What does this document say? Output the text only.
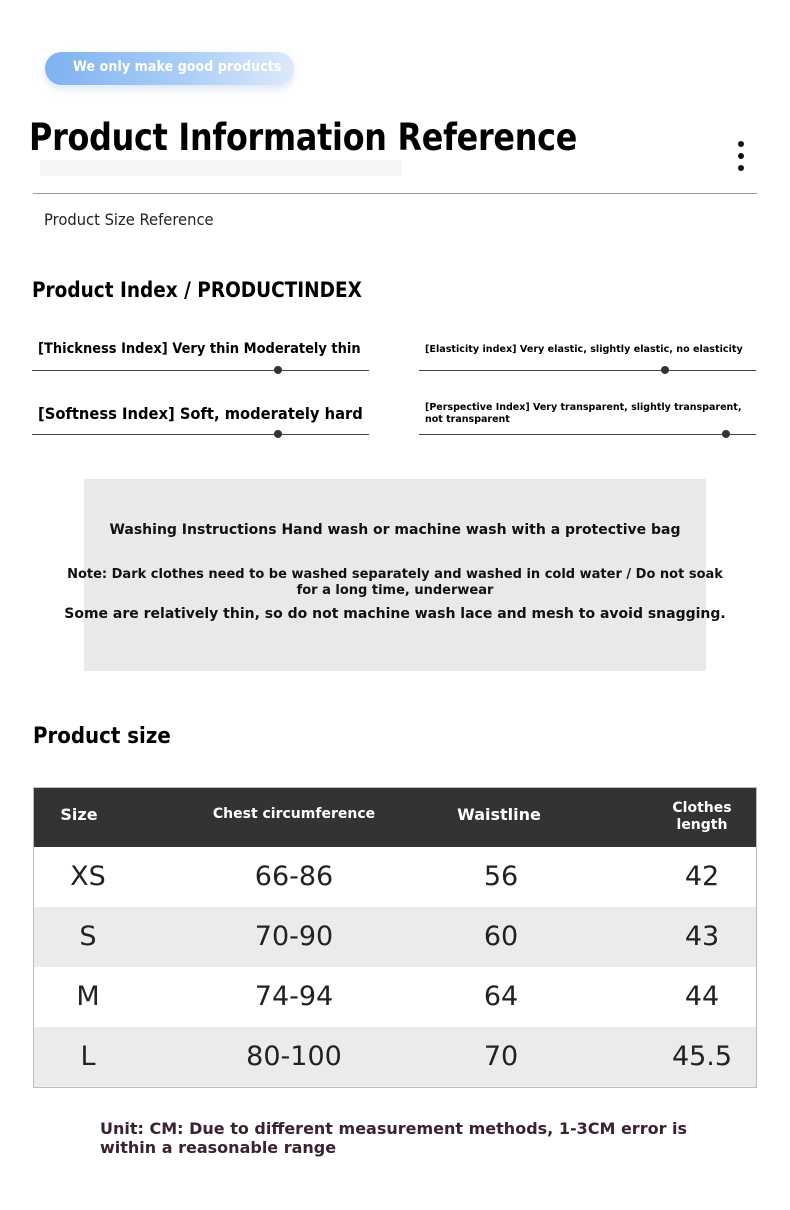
We only make good products
Product Information Reference
Product Size Reference
Product Index / PRODUCTINDEX
[Thickness Index] Very thin Moderately thin	[Elasticity index] Very elastic, slightly elastic, no elasticity
[Softness Index] Soft, moderately hard	[Perspective Index] Very transparent, slightly transparent, not transparent
Washing Instructions Hand wash or machine wash with a protective bag
Note: Dark clothes need to be washed separately and washed in cold water / Do not soak for a long time, underwear
Some are relatively thin, so do not machine wash lace and mesh to avoid snagging.
Product size
Size	Chest circumference	Waistline	Clothes length
XS	66-86	56	42
S	70-90	60	43
M	74-94	64	44
L	80-100	70	45.5
Unit: CM: Due to different measurement methods, 1-3CM error is within a reasonable range
